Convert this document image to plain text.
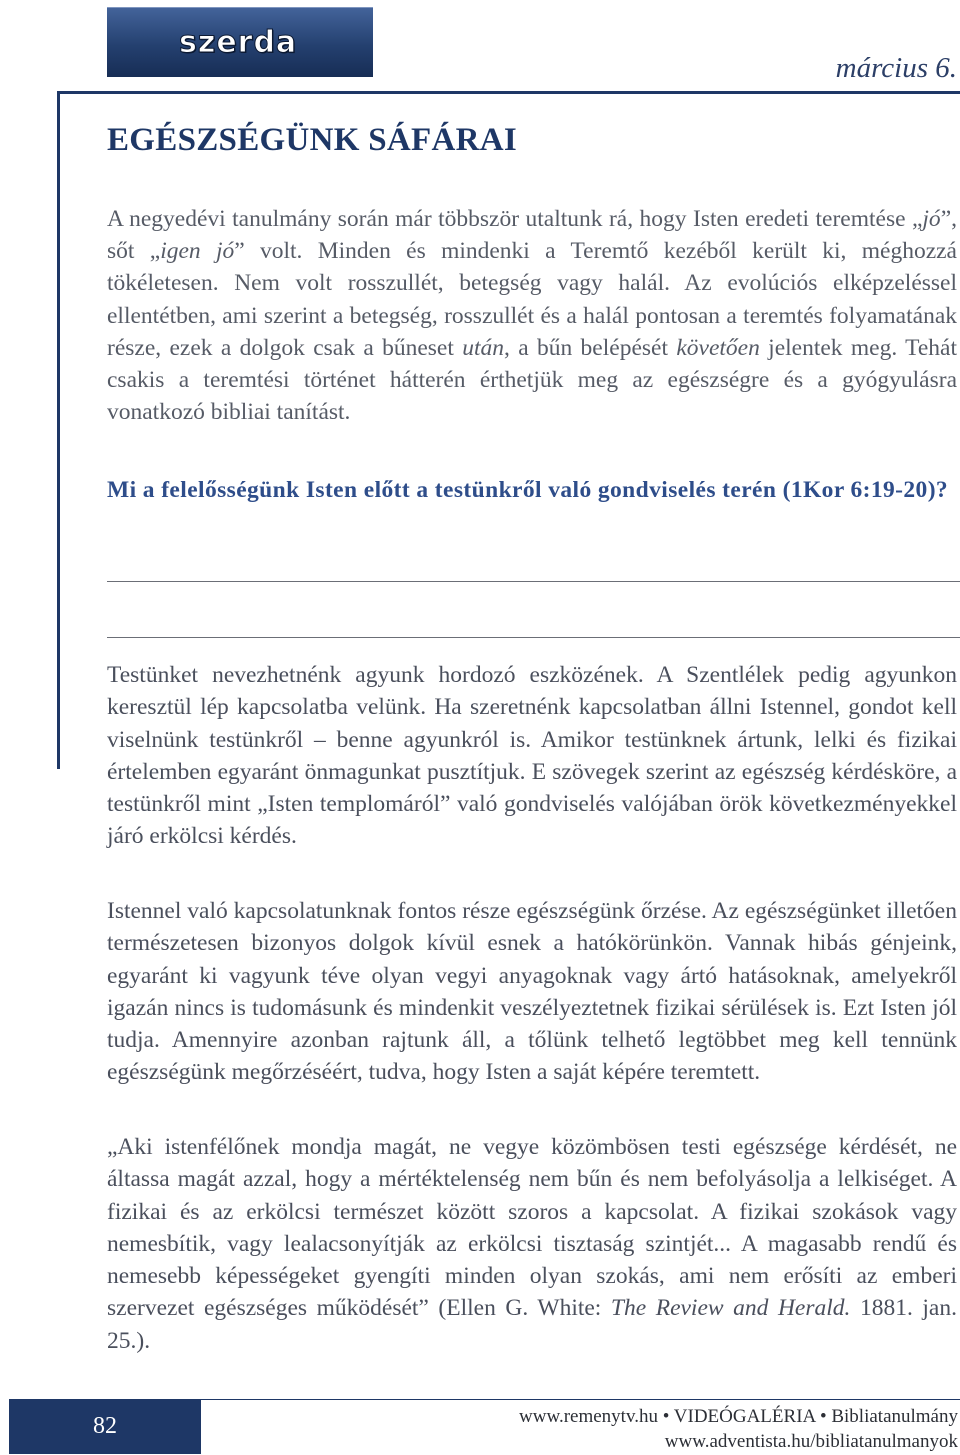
szerda
március 6.
EGÉSZSÉGÜNK SÁFÁRAI

A negyedévi tanulmány során már többször utaltunk rá, hogy Isten eredeti teremtése „jó”, sőt „igen jó” volt. Minden és mindenki a Teremtő kezéből került ki, méghozzá tökéletesen. Nem volt rosszullét, betegség vagy halál. Az evolúciós elképzeléssel ellentétben, ami szerint a betegség, rosszullét és a halál pontosan a teremtés folyamatának része, ezek a dolgok csak a bűneset után, a bűn belépését követően jelentek meg. Tehát csakis a teremtési történet hátterén érthetjük meg az egészségre és a gyógyulásra vonatkozó bibliai tanítást.

Mi a felelősségünk Isten előtt a testünkről való gondviselés terén (1Kor 6:19-20)?

Testünket nevezhetnénk agyunk hordozó eszközének. A Szentlélek pedig agyunkon keresztül lép kapcsolatba velünk. Ha szeretnénk kapcsolatban állni Istennel, gondot kell viselnünk testünkről – benne agyunkról is. Amikor testünknek ártunk, lelki és fizikai értelemben egyaránt önmagunkat pusztítjuk. E szövegek szerint az egészség kérdésköre, a testünkről mint „Isten templomáról” való gondviselés valójában örök következményekkel járó erkölcsi kérdés.

Istennel való kapcsolatunknak fontos része egészségünk őrzése. Az egészségünket illetően természetesen bizonyos dolgok kívül esnek a hatókörünkön. Vannak hibás génjeink, egyaránt ki vagyunk téve olyan vegyi anyagoknak vagy ártó hatásoknak, amelyekről igazán nincs is tudomásunk és mindenkit veszélyeztetnek fizikai sérülések is. Ezt Isten jól tudja. Amennyire azonban rajtunk áll, a tőlünk telhető legtöbbet meg kell tennünk egészségünk megőrzéséért, tudva, hogy Isten a saját képére teremtett.

„Aki istenfélőnek mondja magát, ne vegye közömbösen testi egészsége kérdését, ne áltassa magát azzal, hogy a mértéktelenség nem bűn és nem befolyásolja a lelkiséget. A fizikai és az erkölcsi természet között szoros a kapcsolat. A fizikai szokások vagy nemesbítik, vagy lealacsonyítják az erkölcsi tisztaság szintjét... A magasabb rendű és nemesebb képességeket gyengíti minden olyan szokás, ami nem erősíti az emberi szervezet egészséges működését” (Ellen G. White: The Review and Herald. 1881. jan. 25.).

82	www.remenytv.hu • VIDEÓGALÉRIA • Bibliatanulmány
www.adventista.hu/bibliatanulmanyok
